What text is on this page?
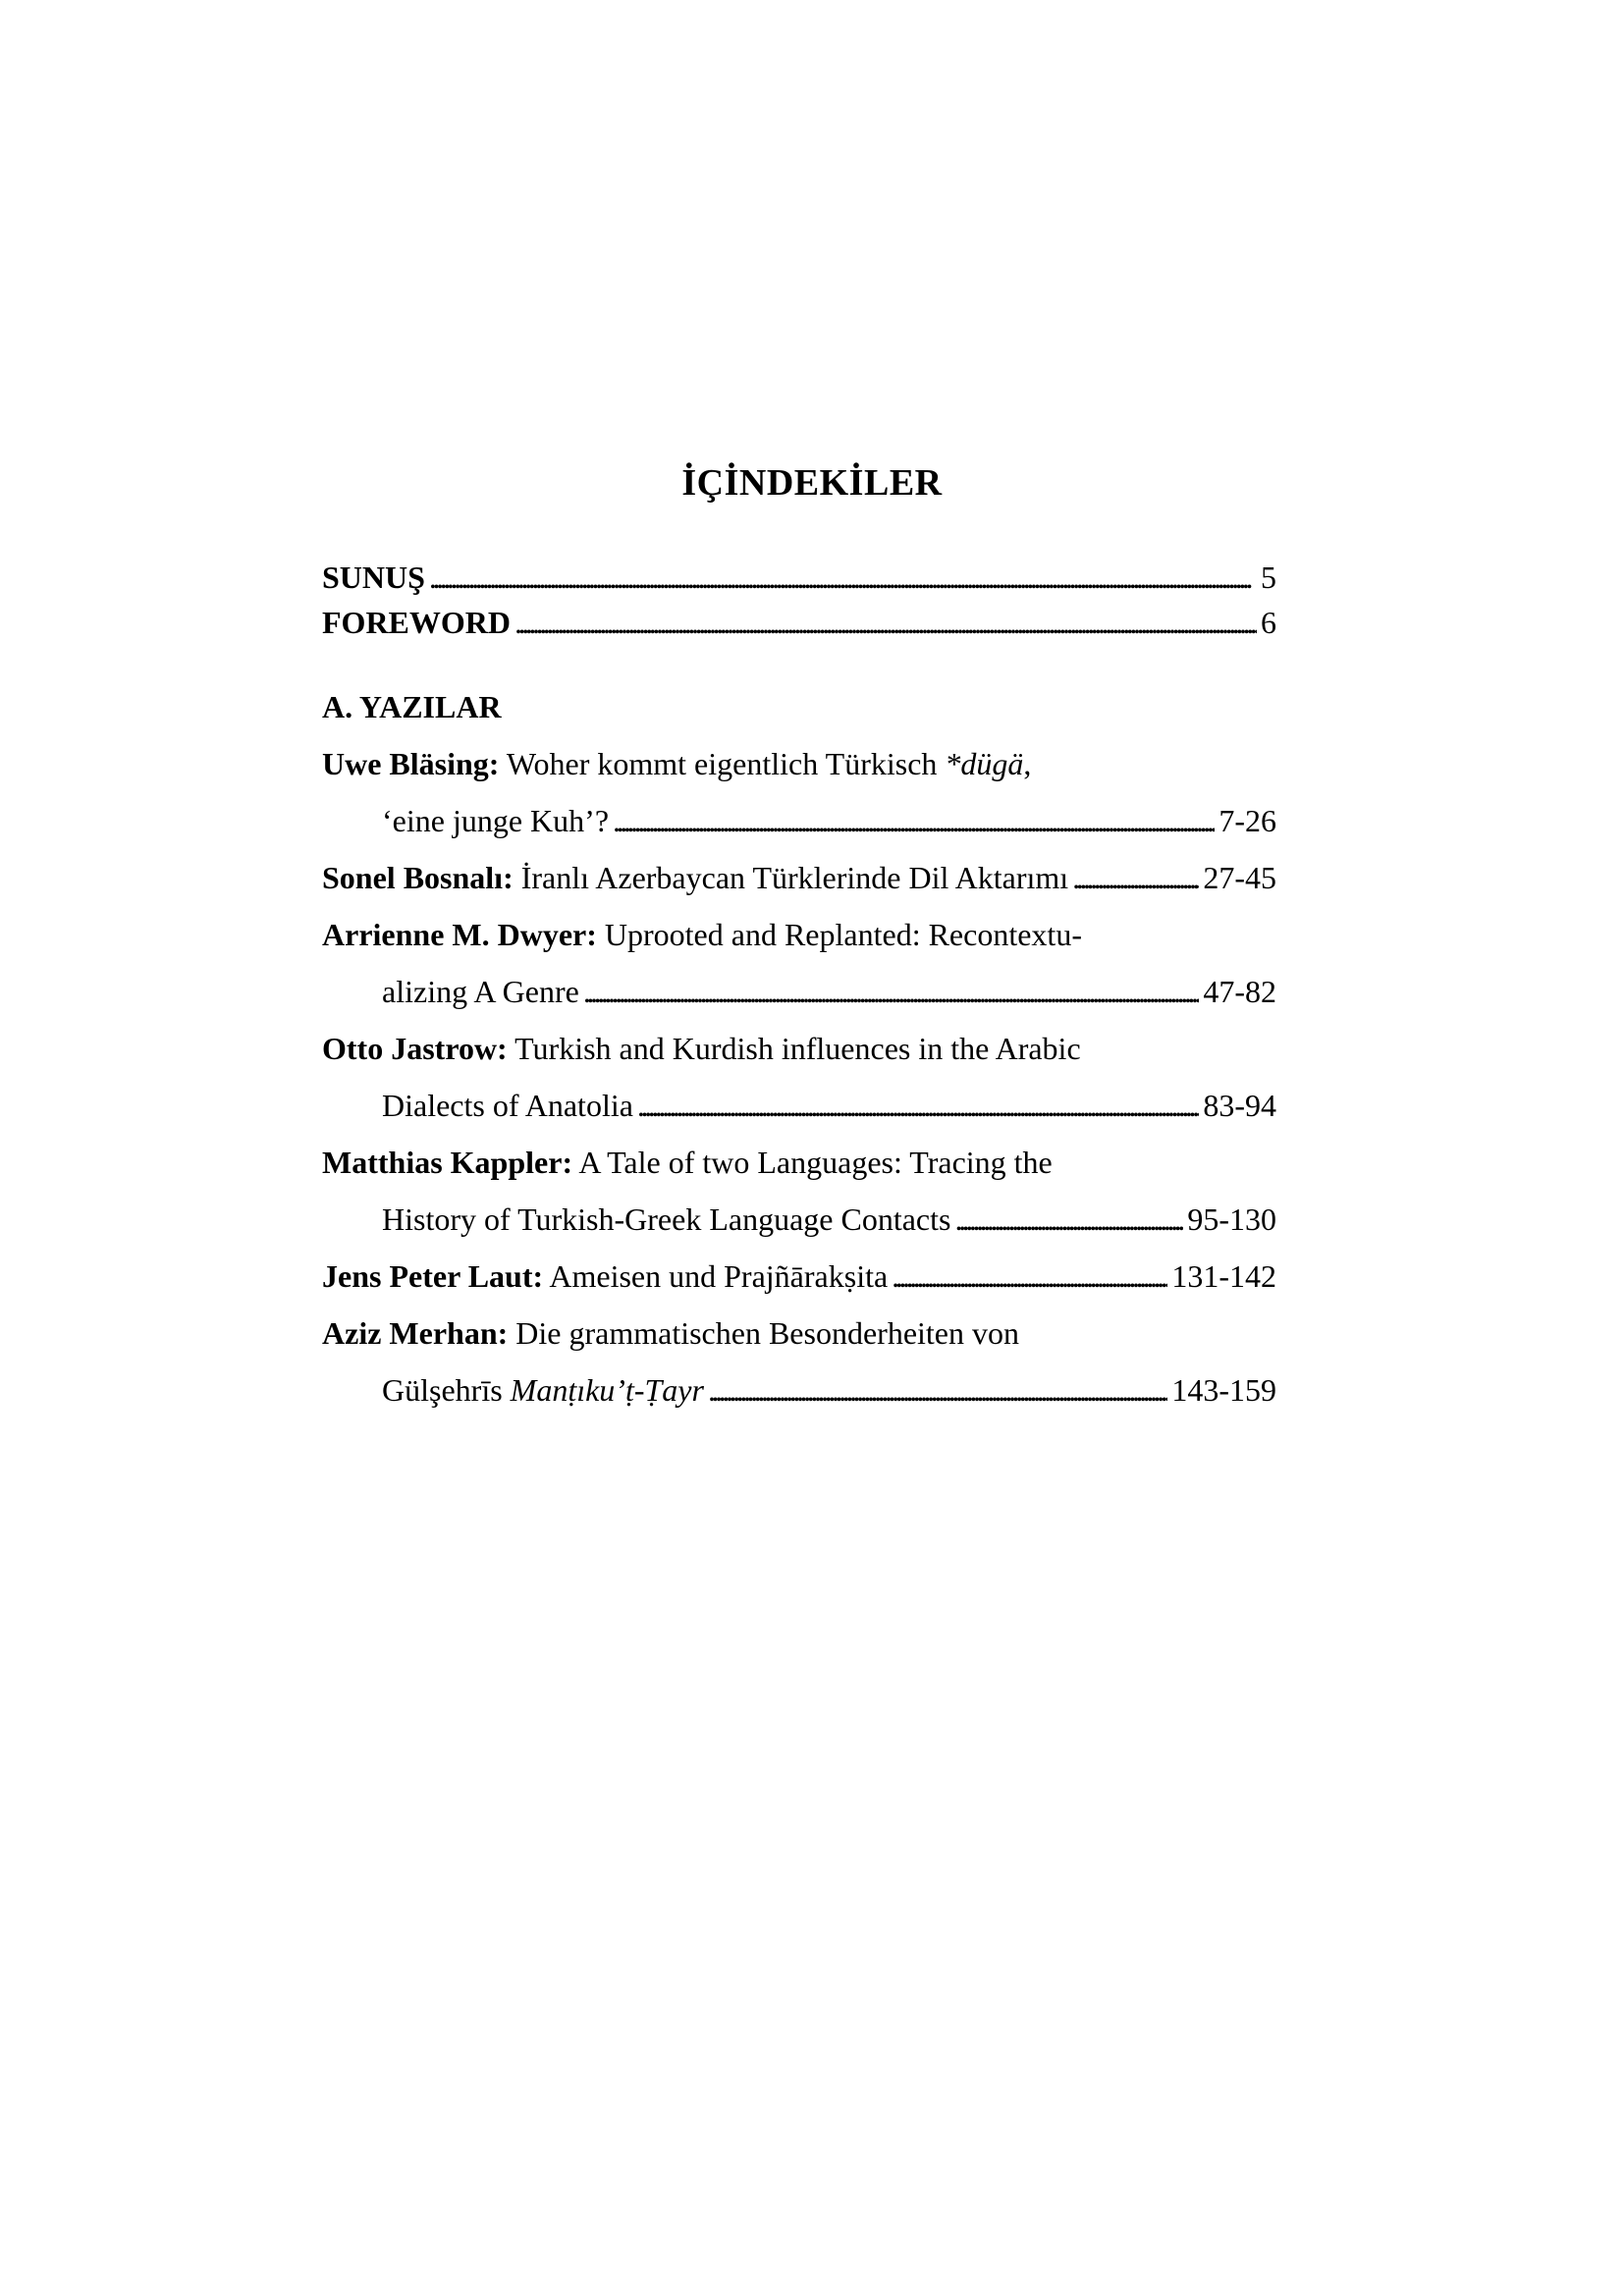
İÇİNDEKİLER
SUNUŞ . . .	5
FOREWORD . . .	6
A. YAZILAR
Uwe Bläsing: Woher kommt eigentlich Türkisch *dügä,
‘eine junge Kuh’? . . .	7-26
Sonel Bosnalı: İranlı Azerbaycan Türklerinde Dil Aktarımı . . .	27-45
Arrienne M. Dwyer: Uprooted and Replanted: Recontextu-
alizing A Genre . . .	47-82
Otto Jastrow: Turkish and Kurdish influences in the Arabic
Dialects of Anatolia . . .	83-94
Matthias Kappler: A Tale of two Languages: Tracing the
History of Turkish-Greek Language Contacts . . .	95-130
Jens Peter Laut: Ameisen und Prajñārakṣita . . .	131-142
Aziz Merhan: Die grammatischen Besonderheiten von
Gülşehrīs Manṭıku’ṭ-Ṭayr . . .	143-159
